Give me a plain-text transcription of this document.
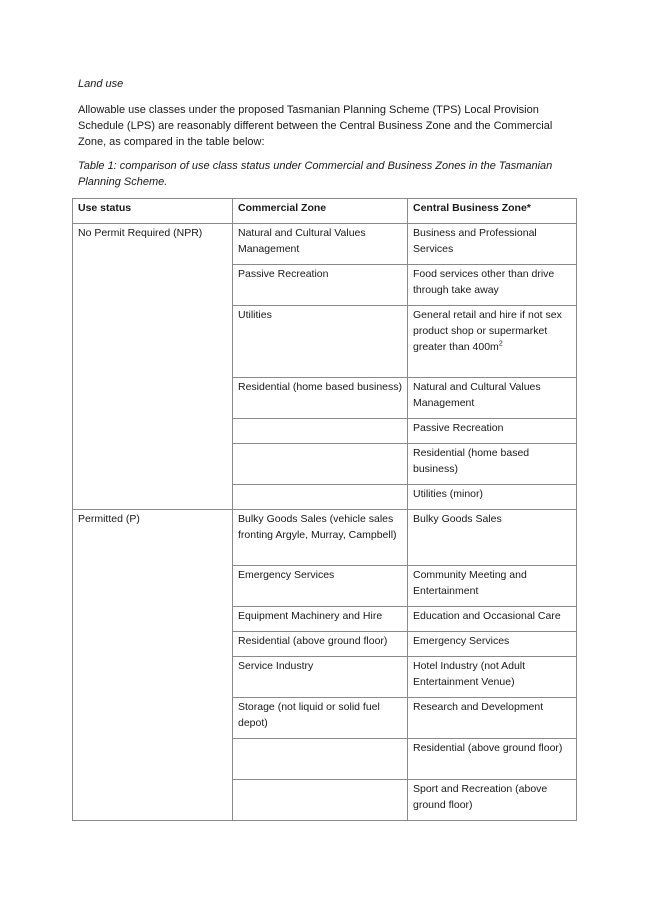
Land use
Allowable use classes under the proposed Tasmanian Planning Scheme (TPS) Local Provision Schedule (LPS) are reasonably different between the Central Business Zone and the Commercial Zone, as compared in the table below:
Table 1: comparison of use class status under Commercial and Business Zones in the Tasmanian Planning Scheme.
Use status	Commercial Zone	Central Business Zone*
No Permit Required (NPR)	Natural and Cultural Values Management	Business and Professional Services
	Passive Recreation	Food services other than drive through take away
	Utilities	General retail and hire if not sex product shop or supermarket greater than $400m^2$
	Residential (home based business)	Natural and Cultural Values Management
		Passive Recreation
		Residential (home based business)
		Utilities (minor)
Permitted (P)	Bulky Goods Sales (vehicle sales fronting Argyle, Murray, Campbell)	Bulky Goods Sales
	Emergency Services	Community Meeting and Entertainment
	Equipment Machinery and Hire	Education and Occasional Care
	Residential (above ground floor)	Emergency Services
	Service Industry	Hotel Industry (not Adult Entertainment Venue)
	Storage (not liquid or solid fuel depot)	Research and Development
		Residential (above ground floor)
		Sport and Recreation (above ground floor)
